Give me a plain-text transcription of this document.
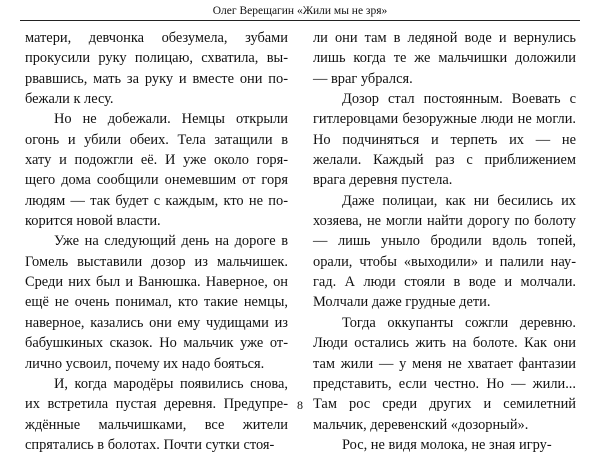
Олег Верещагин «Жили мы не зря»

матери, девчонка обезумела, зубами
прокусили руку полицаю, схватила, вы-
рвавшись, мать за руку и вместе они по-
бежали к лесу.

Но не добежали. Немцы открыли
огонь и убили обеих. Тела затащили в
хату и подожгли её. И уже около горя-
щего дома сообщили онемевшим от горя
людям — так будет с каждым, кто не по-
корится новой власти.

Уже на следующий день на дороге в
Гомель выставили дозор из мальчишек.
Среди них был и Ванюшка. Наверное, он
ещё не очень понимал, кто такие немцы,
наверное, казались они ему чудищами из
бабушкиных сказок. Но мальчик уже от-
лично усвоил, почему их надо бояться.

И, когда мародёры появились снова,
их встретила пустая деревня. Предупре-
ждённые мальчишками, все жители
спрятались в болотах. Почти сутки стоя-

ли они там в ледяной воде и вернулись
лишь когда те же мальчишки доложили
— враг убрался.

Дозор стал постоянным. Воевать с
гитлеровцами безоружные люди не могли.
Но подчиняться и терпеть их — не
желали. Каждый раз с приближением
врага деревня пустела.

Даже полицаи, как ни бесились их
хозяева, не могли найти дорогу по болоту
— лишь уныло бродили вдоль топей,
орали, чтобы «выходили» и палили нау-
гад. А люди стояли в воде и молчали.
Молчали даже грудные дети.

Тогда оккупанты сожгли деревню.
Люди остались жить на болоте. Как они
там жили — у меня не хватает фантазии
представить, если честно. Но — жили...
Там рос среди других и семилетний
мальчик, деревенский «дозорный».

Рос, не видя молока, не зная игру-

8
